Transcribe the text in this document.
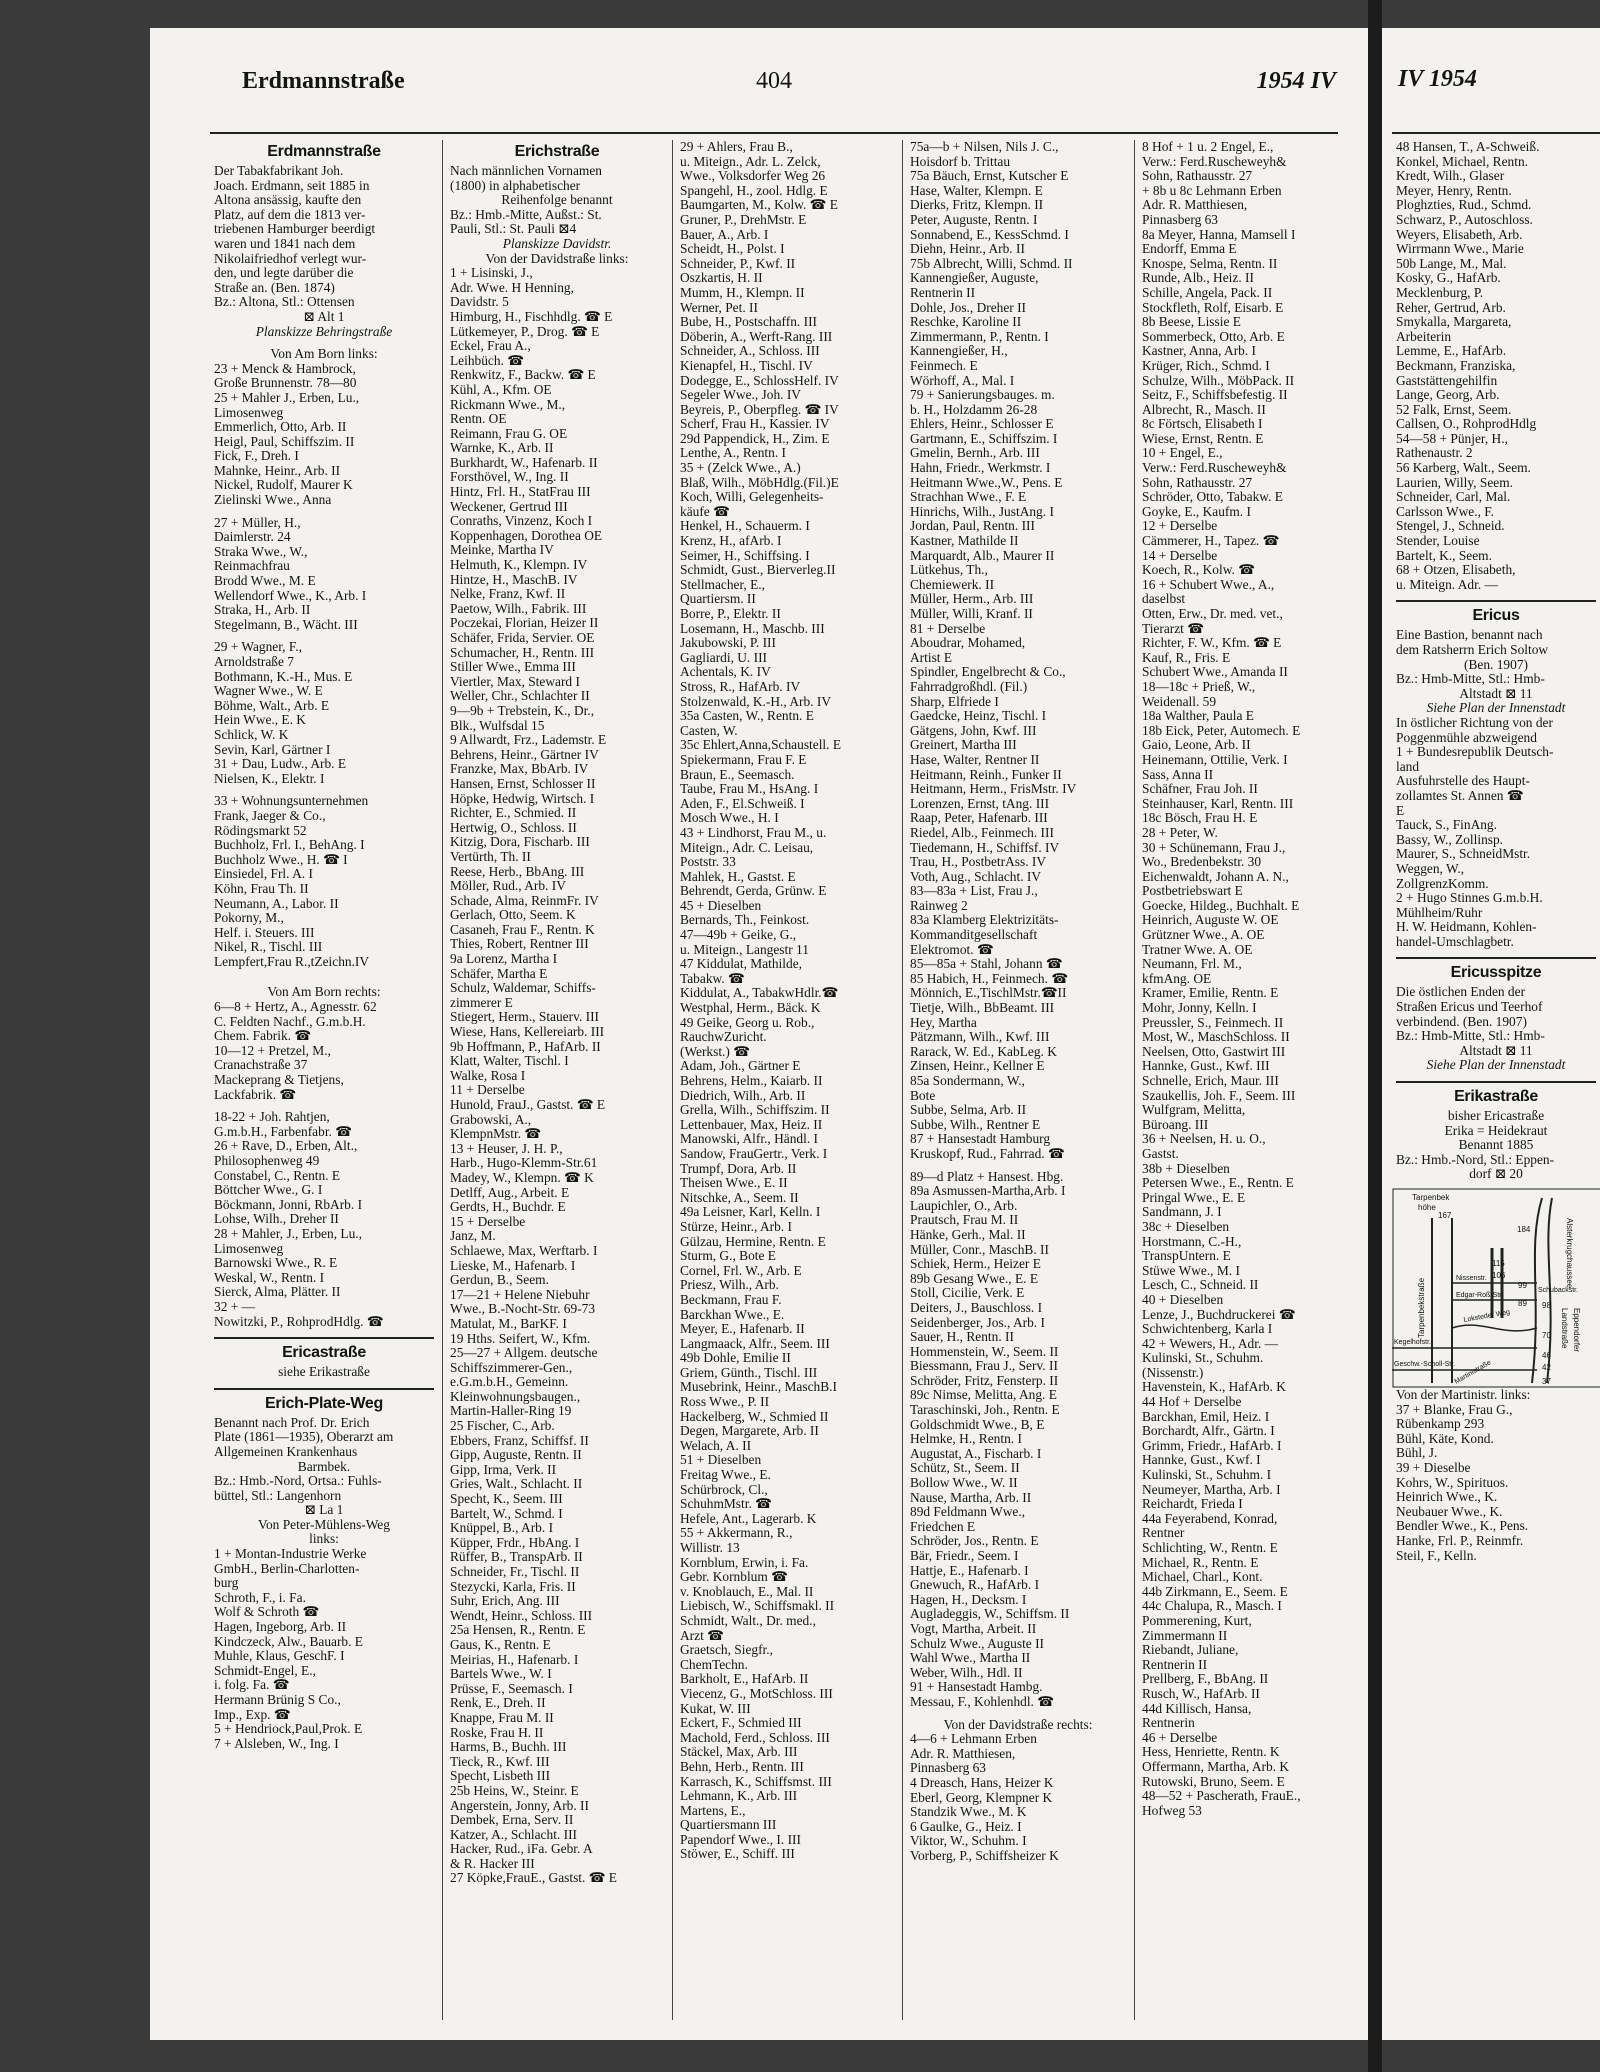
Erdmannstraße	404	1954 IV
Erdmannstraße
Der Tabakfabrikant Joh.
Joach. Erdmann, seit 1885 in
Altona ansässig, kaufte den
Platz, auf dem die 1813 ver-
triebenen Hamburger beerdigt
waren und 1841 nach dem
Nikolaifriedhof verlegt wur-
den, und legte darüber die
Straße an. (Ben. 1874)
Bz.: Altona, Stl.: Ottensen
⊠ Alt 1
Planskizze Behringstraße
Von Am Born links:
23 + Menck & Hambrock,
Große Brunnenstr. 78—80
25 + Mahler J., Erben, Lu.,
Limosenweg
Emmerlich, Otto, Arb. II
Heigl, Paul, Schiffszim. II
Fick, F., Dreh. I
Mahnke, Heinr., Arb. II
Nickel, Rudolf, Maurer K
Zielinski Wwe., Anna
27 + Müller, H.,
Daimlerstr. 24
Straka Wwe., W.,
Reinmachfrau
Brodd Wwe., M. E
Wellendorf Wwe., K., Arb. I
Straka, H., Arb. II
Stegelmann, B., Wächt. III
29 + Wagner, F.,
Arnoldstraße 7
Bothmann, K.-H., Mus. E
Wagner Wwe., W. E
Böhme, Walt., Arb. E
Hein Wwe., E. K
Schlick, W. K
Sevin, Karl, Gärtner I
31 + Dau, Ludw., Arb. E
Nielsen, K., Elektr. I
33 + Wohnungsunternehmen
Frank, Jaeger & Co.,
Rödingsmarkt 52
Buchholz, Frl. I., BehAng. I
Buchholz Wwe., H. ☎ I
Einsiedel, Frl. A. I
Köhn, Frau Th. II
Neumann, A., Labor. II
Pokorny, M.,
Helf. i. Steuers. III
Nikel, R., Tischl. III
Lempfert,Frau R.,tZeichn.IV
Von Am Born rechts:
6—8 + Hertz, A., Agnesstr. 62
C. Feldten Nachf., G.m.b.H.
Chem. Fabrik. ☎
10—12 + Pretzel, M.,
Cranachstraße 37
Mackeprang & Tietjens,
Lackfabrik. ☎
18-22 + Joh. Rahtjen,
G.m.b.H., Farbenfabr. ☎
26 + Rave, D., Erben, Alt.,
Philosophenweg 49
Constabel, C., Rentn. E
Böttcher Wwe., G. I
Böckmann, Jonni, RbArb. I
Lohse, Wilh., Dreher II
28 + Mahler, J., Erben, Lu.,
Limosenweg
Barnowski Wwe., R. E
Weskal, W., Rentn. I
Sierck, Alma, Plätter. II
32 + —
Nowitzki, P., RohprodHdlg. ☎
Ericastraße
siehe Erikastraße
Erich-Plate-Weg
Benannt nach Prof. Dr. Erich
Plate (1861—1935), Oberarzt am
Allgemeinen Krankenhaus
Barmbek.
Bz.: Hmb.-Nord, Ortsa.: Fuhls-
büttel, Stl.: Langenhorn
⊠ La 1
Von Peter-Mühlens-Weg
links:
1 + Montan-Industrie Werke
GmbH., Berlin-Charlotten-
burg
Schroth, F., i. Fa.
Wolf & Schroth ☎
Hagen, Ingeborg, Arb. II
Kindczeck, Alw., Bauarb. E
Muhle, Klaus, GeschF. I
Schmidt-Engel, E.,
i. folg. Fa. ☎
Hermann Brünig S Co.,
Imp., Exp. ☎
5 + Hendriock,Paul,Prok. E
7 + Alsleben, W., Ing. I
Erichstraße
Nach männlichen Vornamen
(1800) in alphabetischer
Reihenfolge benannt
Bz.: Hmb.-Mitte, Außst.: St.
Pauli, Stl.: St. Pauli ⊠4
Planskizze Davidstr.
Von der Davidstraße links:
1 + Lisinski, J.,
Adr. Wwe. H Henning,
Davidstr. 5
Himburg, H., Fischhdlg. ☎ E
Lütkemeyer, P., Drog. ☎ E
Eckel, Frau A.,
Leihbüch. ☎
Renkwitz, F., Backw. ☎ E
Kühl, A., Kfm. OE
Rickmann Wwe., M.,
Rentn. OE
Reimann, Frau G. OE
Warnke, K., Arb. II
Burkhardt, W., Hafenarb. II
Forsthövel, W., Ing. II
Hintz, Frl. H., StatFrau III
Weckener, Gertrud III
Conraths, Vinzenz, Koch I
Koppenhagen, Dorothea OE
Meinke, Martha IV
Helmuth, K., Klempn. IV
Hintze, H., MaschB. IV
Nelke, Franz, Kwf. II
Paetow, Wilh., Fabrik. III
Poczekai, Florian, Heizer II
Schäfer, Frida, Servier. OE
Schumacher, H., Rentn. III
Stiller Wwe., Emma III
Viertler, Max, Steward I
Weller, Chr., Schlachter II
9—9b + Trebstein, K., Dr.,
Blk., Wulfsdal 15
9 Allwardt, Frz., Lademstr. E
Behrens, Heinr., Gärtner IV
Franzke, Max, BbArb. IV
Hansen, Ernst, Schlosser II
Höpke, Hedwig, Wirtsch. I
Richter, E., Schmied. II
Hertwig, O., Schloss. II
Kitzig, Dora, Fischarb. III
Vertürth, Th. II
Reese, Herb., BbAng. III
Möller, Rud., Arb. IV
Schade, Alma, ReinmFr. IV
Gerlach, Otto, Seem. K
Casaneh, Frau F., Rentn. K
Thies, Robert, Rentner III
9a Lorenz, Martha I
Schäfer, Martha E
Schulz, Waldemar, Schiffs-
zimmerer E
Stiegert, Herm., Stauerv. III
Wiese, Hans, Kellereiarb. III
9b Hoffmann, P., HafArb. II
Klatt, Walter, Tischl. I
Walke, Rosa I
11 + Derselbe
Hunold, FrauJ., Gastst. ☎ E
Grabowski, A.,
KlempnMstr. ☎
13 + Heuser, J. H. P.,
Harb., Hugo-Klemm-Str.61
Madey, W., Klempn. ☎ K
Detlff, Aug., Arbeit. E
Gerdts, H., Buchdr. E
15 + Derselbe
Janz, M.
Schlaewe, Max, Werftarb. I
Lieske, M., Hafenarb. I
Gerdun, B., Seem.
17—21 + Helene Niebuhr
Wwe., B.-Nocht-Str. 69-73
Matulat, M., BarKF. I
19 Hths. Seifert, W., Kfm.
25—27 + Allgem. deutsche
Schiffszimmerer-Gen.,
e.G.m.b.H., Gemeinn.
Kleinwohnungsbaugen.,
Martin-Haller-Ring 19
25 Fischer, C., Arb.
Ebbers, Franz, Schiffsf. II
Gipp, Auguste, Rentn. II
Gipp, Irma, Verk. II
Gries, Walt., Schlacht. II
Specht, K., Seem. III
Bartelt, W., Schmd. I
Knüppel, B., Arb. I
Küpper, Frdr., HbAng. I
Rüffer, B., TranspArb. II
Schneider, Fr., Tischl. II
Stezycki, Karla, Fris. II
Suhr, Erich, Ang. III
Wendt, Heinr., Schloss. III
25a Hensen, R., Rentn. E
Gaus, K., Rentn. E
Meirias, H., Hafenarb. I
Bartels Wwe., W. I
Prüsse, F., Seemasch. I
Renk, E., Dreh. II
Knappe, Frau M. II
Roske, Frau H. II
Harms, B., Buchh. III
Tieck, R., Kwf. III
Specht, Lisbeth III
25b Heins, W., Steinr. E
Angerstein, Jonny, Arb. II
Dembek, Erna, Serv. II
Katzer, A., Schlacht. III
Hacker, Rud., iFa. Gebr. A
& R. Hacker III
27 Köpke,FrauE., Gastst. ☎ E
29 + Ahlers, Frau B.,
u. Miteign., Adr. L. Zelck,
Wwe., Volksdorfer Weg 26
Spangehl, H., zool. Hdlg. E
Baumgarten, M., Kolw. ☎ E
Gruner, P., DrehMstr. E
Bauer, A., Arb. I
Scheidt, H., Polst. I
Schneider, P., Kwf. II
Oszkartis, H. II
Mumm, H., Klempn. II
Werner, Pet. II
Bube, H., Postschaffn. III
Döberin, A., Werft-Rang. III
Schneider, A., Schloss. III
Kienapfel, H., Tischl. IV
Dodegge, E., SchlossHelf. IV
Segeler Wwe., Joh. IV
Beyreis, P., Oberpfleg. ☎ IV
Scherf, Frau H., Kassier. IV
29d Pappendick, H., Zim. E
Lenthe, A., Rentn. I
35 + (Zelck Wwe., A.)
Blaß, Wilh., MöbHdlg.(Fil.)E
Koch, Willi, Gelegenheits-
käufe ☎
Henkel, H., Schauerm. I
Krenz, H., afArb. I
Seimer, H., Schiffsing. I
Schmidt, Gust., Bierverleg.II
Stellmacher, E.,
Quartiersm. II
Borre, P., Elektr. II
Losemann, H., Maschb. III
Jakubowski, P. III
Gagliardi, U. III
Achentals, K. IV
Stross, R., HafArb. IV
Stolzenwald, K.-H., Arb. IV
35a Casten, W., Rentn. E
Casten, W.
35c Ehlert,Anna,Schaustell. E
Spiekermann, Frau F. E
Braun, E., Seemasch.
Taube, Frau M., HsAng. I
Aden, F., El.Schweiß. I
Mosch Wwe., H. I
43 + Lindhorst, Frau M., u.
Miteign., Adr. C. Leisau,
Poststr. 33
Mahlek, H., Gastst. E
Behrendt, Gerda, Grünw. E
45 + Dieselben
Bernards, Th., Feinkost.
47—49b + Geike, G.,
u. Miteign., Langestr 11
47 Kiddulat, Mathilde,
Tabakw. ☎
Kiddulat, A., TabakwHdlr.☎
Westphal, Herm., Bäck. K
49 Geike, Georg u. Rob.,
RauchwZuricht.
(Werkst.) ☎
Adam, Joh., Gärtner E
Behrens, Helm., Kaiarb. II
Diedrich, Wilh., Arb. II
Grella, Wilh., Schiffszim. II
Lettenbauer, Max, Heiz. II
Manowski, Alfr., Händl. I
Sandow, FrauGertr., Verk. I
Trumpf, Dora, Arb. II
Theisen Wwe., E. II
Nitschke, A., Seem. II
49a Leisner, Karl, Kelln. I
Stürze, Heinr., Arb. I
Gülzau, Hermine, Rentn. E
Sturm, G., Bote E
Cornel, Frl. W., Arb. E
Priesz, Wilh., Arb.
Beckmann, Frau F.
Barckhan Wwe., E.
Meyer, E., Hafenarb. II
Langmaack, Alfr., Seem. III
49b Dohle, Emilie II
Griem, Günth., Tischl. III
Musebrink, Heinr., MaschB.I
Ross Wwe., P. II
Hackelberg, W., Schmied II
Degen, Margarete, Arb. II
Welach, A. II
51 + Dieselben
Freitag Wwe., E.
Schürbrock, Cl.,
SchuhmMstr. ☎
Hefele, Ant., Lagerarb. K
55 + Akkermann, R.,
Willistr. 13
Kornblum, Erwin, i. Fa.
Gebr. Kornblum ☎
v. Knoblauch, E., Mal. II
Liebisch, W., Schiffsmakl. II
Schmidt, Walt., Dr. med.,
Arzt ☎
Graetsch, Siegfr.,
ChemTechn.
Barkholt, E., HafArb. II
Viecenz, G., MotSchloss. III
Kukat, W. III
Eckert, F., Schmied III
Machold, Ferd., Schloss. III
Stäckel, Max, Arb. III
Behn, Herb., Rentn. III
Karrasch, K., Schiffsmst. III
Lehmann, K., Arb. III
Martens, E.,
Quartiersmann III
Papendorf Wwe., I. III
Stöwer, E., Schiff. III
75a—b + Nilsen, Nils J. C.,
Hoisdorf b. Trittau
75a Bäuch, Ernst, Kutscher E
Hase, Walter, Klempn. E
Dierks, Fritz, Klempn. II
Peter, Auguste, Rentn. I
Sonnabend, E., KessSchmd. I
Diehn, Heinr., Arb. II
75b Albrecht, Willi, Schmd. II
Kannengießer, Auguste,
Rentnerin II
Dohle, Jos., Dreher II
Reschke, Karoline II
Zimmermann, P., Rentn. I
Kannengießer, H.,
Feinmech. E
Wörhoff, A., Mal. I
79 + Sanierungsbauges. m.
b. H., Holzdamm 26-28
Ehlers, Heinr., Schlosser E
Gartmann, E., Schiffszim. I
Gmelin, Bernh., Arb. III
Hahn, Friedr., Werkmstr. I
Heitmann Wwe.,W., Pens. E
Strachhan Wwe., F. E
Hinrichs, Wilh., JustAng. I
Jordan, Paul, Rentn. III
Kastner, Mathilde II
Marquardt, Alb., Maurer II
Lütkehus, Th.,
Chemiewerk. II
Müller, Herm., Arb. III
Müller, Willi, Kranf. II
81 + Derselbe
Aboudrar, Mohamed,
Artist E
Spindler, Engelbrecht & Co.,
Fahrradgroßhdl. (Fil.)
Sharp, Elfriede I
Gaedcke, Heinz, Tischl. I
Gätgens, John, Kwf. III
Greinert, Martha III
Hase, Walter, Rentner II
Heitmann, Reinh., Funker II
Heitmann, Herm., FrisMstr. IV
Lorenzen, Ernst, tAng. III
Raap, Peter, Hafenarb. III
Riedel, Alb., Feinmech. III
Tiedemann, H., Schiffsf. IV
Trau, H., PostbetrAss. IV
Voth, Aug., Schlacht. IV
83—83a + List, Frau J.,
Rainweg 2
83a Klamberg Elektrizitäts-
Kommanditgesellschaft
Elektromot. ☎
85—85a + Stahl, Johann ☎
85 Habich, H., Feinmech. ☎
Mönnich, E.,TischlMstr.☎II
Tietje, Wilh., BbBeamt. III
Hey, Martha
Pätzmann, Wilh., Kwf. III
Rarack, W. Ed., KabLeg. K
Zinsen, Heinr., Kellner E
85a Sondermann, W.,
Bote
Subbe, Selma, Arb. II
Subbe, Wilh., Rentner E
87 + Hansestadt Hamburg
Kruskopf, Rud., Fahrrad. ☎
89—d Platz + Hansest. Hbg.
89a Asmussen-Martha,Arb. I
Laupichler, O., Arb.
Prautsch, Frau M. II
Hänke, Gerh., Mal. II
Müller, Conr., MaschB. II
Schiek, Herm., Heizer E
89b Gesang Wwe., E. E
Stoll, Cicilie, Verk. E
Deiters, J., Bauschloss. I
Seidenberger, Jos., Arb. I
Sauer, H., Rentn. II
Hommenstein, W., Seem. II
Biessmann, Frau J., Serv. II
Schröder, Fritz, Fensterp. II
89c Nimse, Melitta, Ang. E
Taraschinski, Joh., Rentn. E
Goldschmidt Wwe., B, E
Helmke, H., Rentn. I
Augustat, A., Fischarb. I
Schütz, St., Seem. II
Bollow Wwe., W. II
Nause, Martha, Arb. II
89d Feldmann Wwe.,
Friedchen E
Schröder, Jos., Rentn. E
Bär, Friedr., Seem. I
Hattje, E., Hafenarb. I
Gnewuch, R., HafArb. I
Hagen, H., Decksm. I
Augladeggis, W., Schiffsm. II
Vogt, Martha, Arbeit. II
Schulz Wwe., Auguste II
Wahl Wwe., Martha II
Weber, Wilh., Hdl. II
91 + Hansestadt Hambg.
Messau, F., Kohlenhdl. ☎
Von der Davidstraße rechts:
4—6 + Lehmann Erben
Adr. R. Matthiesen,
Pinnasberg 63
4 Dreasch, Hans, Heizer K
Eberl, Georg, Klempner K
Standzik Wwe., M. K
6 Gaulke, G., Heiz. I
Viktor, W., Schuhm. I
Vorberg, P., Schiffsheizer K
8 Hof + 1 u. 2 Engel, E.,
Verw.: Ferd.Ruscheweyh&
Sohn, Rathausstr. 27
+ 8b u 8c Lehmann Erben
Adr. R. Matthiesen,
Pinnasberg 63
8a Meyer, Hanna, Mamsell I
Endorff, Emma E
Knospe, Selma, Rentn. II
Runde, Alb., Heiz. II
Schille, Angela, Pack. II
Stockfleth, Rolf, Eisarb. E
8b Beese, Lissie E
Sommerbeck, Otto, Arb. E
Kastner, Anna, Arb. I
Krüger, Rich., Schmd. I
Schulze, Wilh., MöbPack. II
Seitz, F., Schiffsbefestig. II
Albrecht, R., Masch. II
8c Förtsch, Elisabeth I
Wiese, Ernst, Rentn. E
10 + Engel, E.,
Verw.: Ferd.Ruscheweyh&
Sohn, Rathausstr. 27
Schröder, Otto, Tabakw. E
Goyke, E., Kaufm. I
12 + Derselbe
Cämmerer, H., Tapez. ☎
14 + Derselbe
Koech, R., Kolw. ☎
16 + Schubert Wwe., A.,
daselbst
Otten, Erw., Dr. med. vet.,
Tierarzt ☎
Richter, F. W., Kfm. ☎ E
Kauf, R., Fris. E
Schubert Wwe., Amanda II
18—18c + Prieß, W.,
Weidenall. 59
18a Walther, Paula E
18b Eick, Peter, Automech. E
Gaio, Leone, Arb. II
Heinemann, Ottilie, Verk. I
Sass, Anna II
Schäfner, Frau Joh. II
Steinhauser, Karl, Rentn. III
18c Bösch, Frau H. E
28 + Peter, W.
30 + Schünemann, Frau J.,
Wo., Bredenbekstr. 30
Eichenwaldt, Johann A. N.,
Postbetriebswart E
Goecke, Hildeg., Buchhalt. E
Heinrich, Auguste W. OE
Grützner Wwe., A. OE
Tratner Wwe. A. OE
Neumann, Frl. M.,
kfmAng. OE
Kramer, Emilie, Rentn. E
Mohr, Jonny, Kelln. I
Preussler, S., Feinmech. II
Most, W., MaschSchloss. II
Neelsen, Otto, Gastwirt III
Hannke, Gust., Kwf. III
Schnelle, Erich, Maur. III
Szaukellis, Joh. F., Seem. III
Wulfgram, Melitta,
Büroang. III
36 + Neelsen, H. u. O.,
Gastst.
38b + Dieselben
Petersen Wwe., E., Rentn. E
Pringal Wwe., E. E
Sandmann, J. I
38c + Dieselben
Horstmann, C.-H.,
TranspUntern. E
Stüwe Wwe., M. I
Lesch, C., Schneid. II
40 + Dieselben
Lenze, J., Buchdruckerei ☎
Schwichtenberg, Karla I
42 + Wewers, H., Adr. —
Kulinski, St., Schuhm.
(Nissenstr.)
Havenstein, K., HafArb. K
44 Hof + Derselbe
Barckhan, Emil, Heiz. I
Borchardt, Alfr., Gärtn. I
Grimm, Friedr., HafArb. I
Hannke, Gust., Kwf. I
Kulinski, St., Schuhm. I
Neumeyer, Martha, Arb. I
Reichardt, Frieda I
44a Feyerabend, Konrad,
Rentner
Schlichting, W., Rentn. E
Michael, R., Rentn. E
Michael, Charl., Kont.
44b Zirkmann, E., Seem. E
44c Chalupa, R., Masch. I
Pommerening, Kurt,
Zimmermann II
Riebandt, Juliane,
Rentnerin II
Prellberg, F., BbAng. II
Rusch, W., HafArb. II
44d Killisch, Hansa,
Rentnerin
46 + Derselbe
Hess, Henriette, Rentn. K
Offermann, Martha, Arb. K
Rutowski, Bruno, Seem. E
48—52 + Pascherath, FrauE.,
Hofweg 53
IV 1954
48 Hansen, T., A-Schweiß.
Konkel, Michael, Rentn.
Kredt, Wilh., Glaser
Meyer, Henry, Rentn.
Ploghzties, Rud., Schmd.
Schwarz, P., Autoschloss.
Weyers, Elisabeth, Arb.
Wirrmann Wwe., Marie
50b Lange, M., Mal.
Kosky, G., HafArb.
Mecklenburg, P.
Reher, Gertrud, Arb.
Smykalla, Margareta,
Arbeiterin
Lemme, E., HafArb.
Beckmann, Franziska,
Gaststättengehilfin
Lange, Georg, Arb.
52 Falk, Ernst, Seem.
Callsen, O., RohprodHdlg
54—58 + Pünjer, H.,
Rathenaustr. 2
56 Karberg, Walt., Seem.
Laurien, Willy, Seem.
Schneider, Carl, Mal.
Carlsson Wwe., F.
Stengel, J., Schneid.
Stender, Louise
Bartelt, K., Seem.
68 + Otzen, Elisabeth,
u. Miteign. Adr. —
Ericus
Eine Bastion, benannt nach
dem Ratsherrn Erich Soltow
(Ben. 1907)
Bz.: Hmb-Mitte, Stl.: Hmb-
Altstadt ⊠ 11
Siehe Plan der Innenstadt
In östlicher Richtung von der
Poggenmühle abzweigend
1 + Bundesrepublik Deutsch-
land
Ausfuhrstelle des Haupt-
zollamtes St. Annen ☎
E
Tauck, S., FinAng.
Bassy, W., Zollinsp.
Maurer, S., SchneidMstr.
Weggen, W.,
ZollgrenzKomm.
2 + Hugo Stinnes G.m.b.H.
Mühlheim/Ruhr
H. W. Heidmann, Kohlen-
handel-Umschlagbetr.
Ericusspitze
Die östlichen Enden der
Straßen Ericus und Teerhof
verbindend. (Ben. 1907)
Bz.: Hmb-Mitte, Stl.: Hmb-
Altstadt ⊠ 11
Siehe Plan der Innenstadt
Erikastraße
bisher Ericastraße
Erika = Heidekraut
Benannt 1885
Bz.: Hmb.-Nord, Stl.: Eppen-
dorf ⊠ 20
Tarpenbek
höhe
Alsterkrugchaussee
Nissenstr.
Edgar-Roß-Str.
Schubackstr.
Loksteder Weg
Kegelhofstr.
Geschw.-Scholl-Str.
Landstraße Eppendorfer
Martinistraße
Tarpenbekstraße
167
184
115
106
99
89 98
70
46
42
37
Von der Martinistr. links:
37 + Blanke, Frau G.,
Rübenkamp 293
Bühl, Käte, Kond.
Bühl, J.
39 + Dieselbe
Kohrs, W., Spirituos.
Heinrich Wwe., K.
Neubauer Wwe., K.
Bendler Wwe., K., Pens.
Hanke, Frl. P., Reinmfr.
Steil, F., Kelln.
